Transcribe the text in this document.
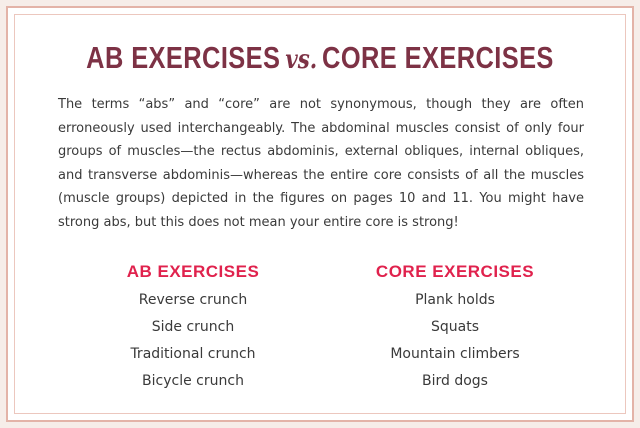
AB EXERCISES vs. CORE EXERCISES

The terms “abs” and “core” are not synonymous, though they are often erroneously used interchangeably. The abdominal muscles consist of only four groups of muscles—the rectus abdominis, external obliques, internal obliques, and transverse abdominis—whereas the entire core consists of all the muscles (muscle groups) depicted in the figures on pages 10 and 11. You might have strong abs, but this does not mean your entire core is strong!

AB EXERCISES
Reverse crunch
Side crunch
Traditional crunch
Bicycle crunch
CORE EXERCISES
Plank holds
Squats
Mountain climbers
Bird dogs
